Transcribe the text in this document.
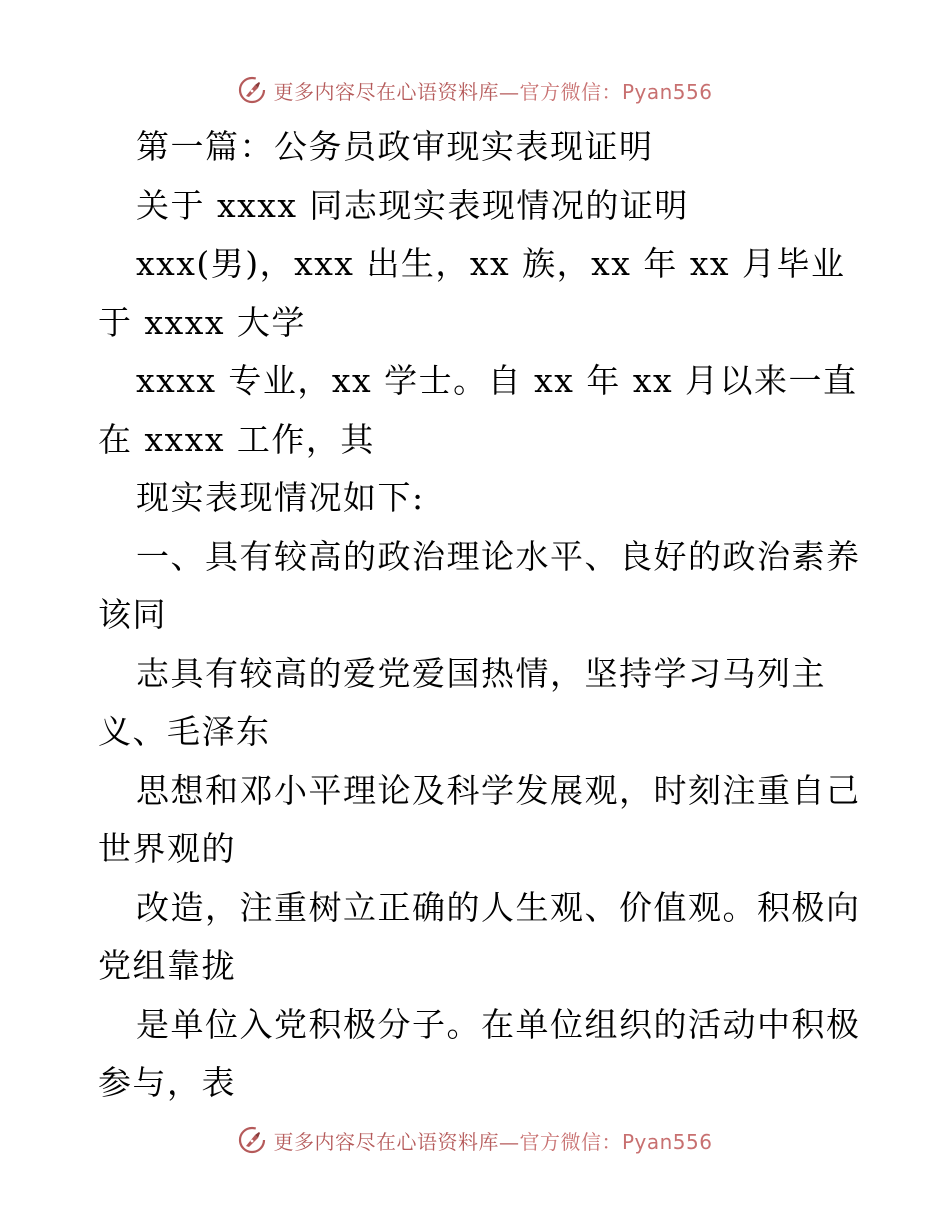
更多内容尽在心语资料库—官方微信：Pyan556
第一篇：公务员政审现实表现证明
关于 xxxx 同志现实表现情况的证明
xxx(男)，xxx 出生，xx 族，xx 年 xx 月毕业
于 xxxx 大学
xxxx 专业，xx 学士。自 xx 年 xx 月以来一直
在 xxxx 工作，其
现实表现情况如下:
一、具有较高的政治理论水平、良好的政治素养
该同
志具有较高的爱党爱国热情，坚持学习马列主
义、毛泽东
思想和邓小平理论及科学发展观，时刻注重自己
世界观的
改造，注重树立正确的人生观、价值观。积极向
党组靠拢
是单位入党积极分子。在单位组织的活动中积极
参与，表
更多内容尽在心语资料库—官方微信：Pyan556
